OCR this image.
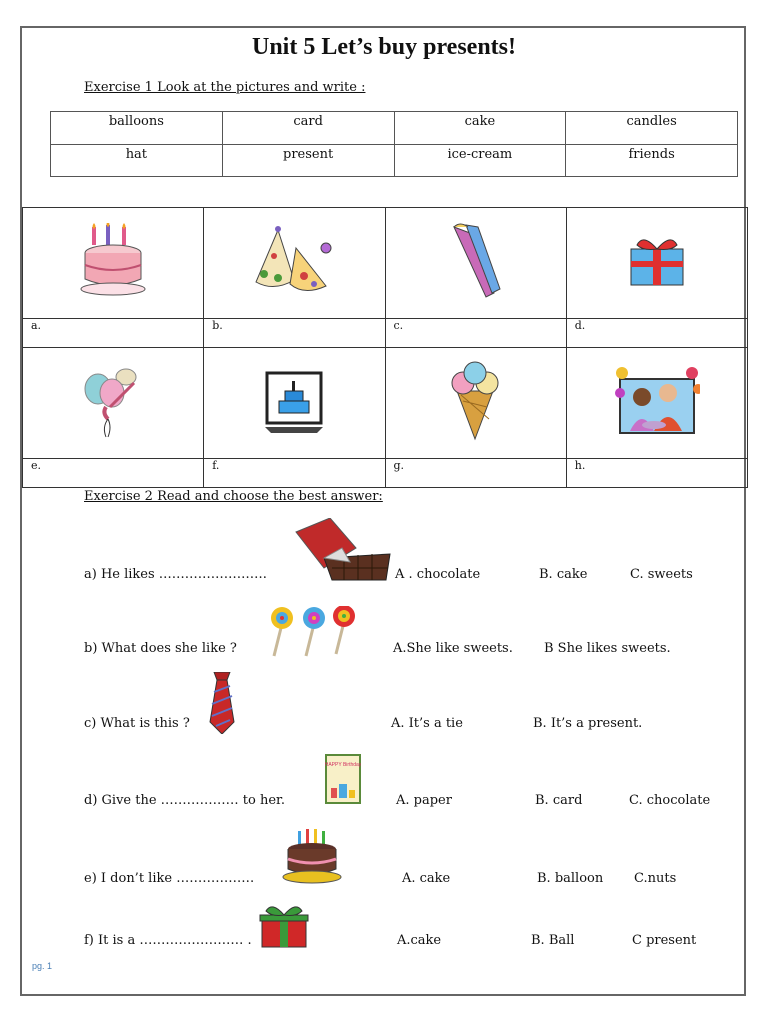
Unit 5 Let’s buy presents!
Exercise 1 Look at the pictures and write :
balloons	card	cake	candles
hat	present	ice-cream	friends

a.	b.	c.	d.

e.	f.	g.	h.
Exercise 2 Read and choose the best answer:
a) He likes …………………….	A . chocolate	B. cake	C. sweets
b) What does she like ?	A.She like sweets. B She likes sweets.
c) What is this ?	A. It’s a tie	B. It’s a present.
d) Give the ……………… to her.
HAPPY Birthday
A. paper	B. card	C. chocolate
e) I don’t like ………………	A. cake	B. balloon C.nuts
f) It is a …………………… .	A.cake	B. Ball	C present
pg. 1
